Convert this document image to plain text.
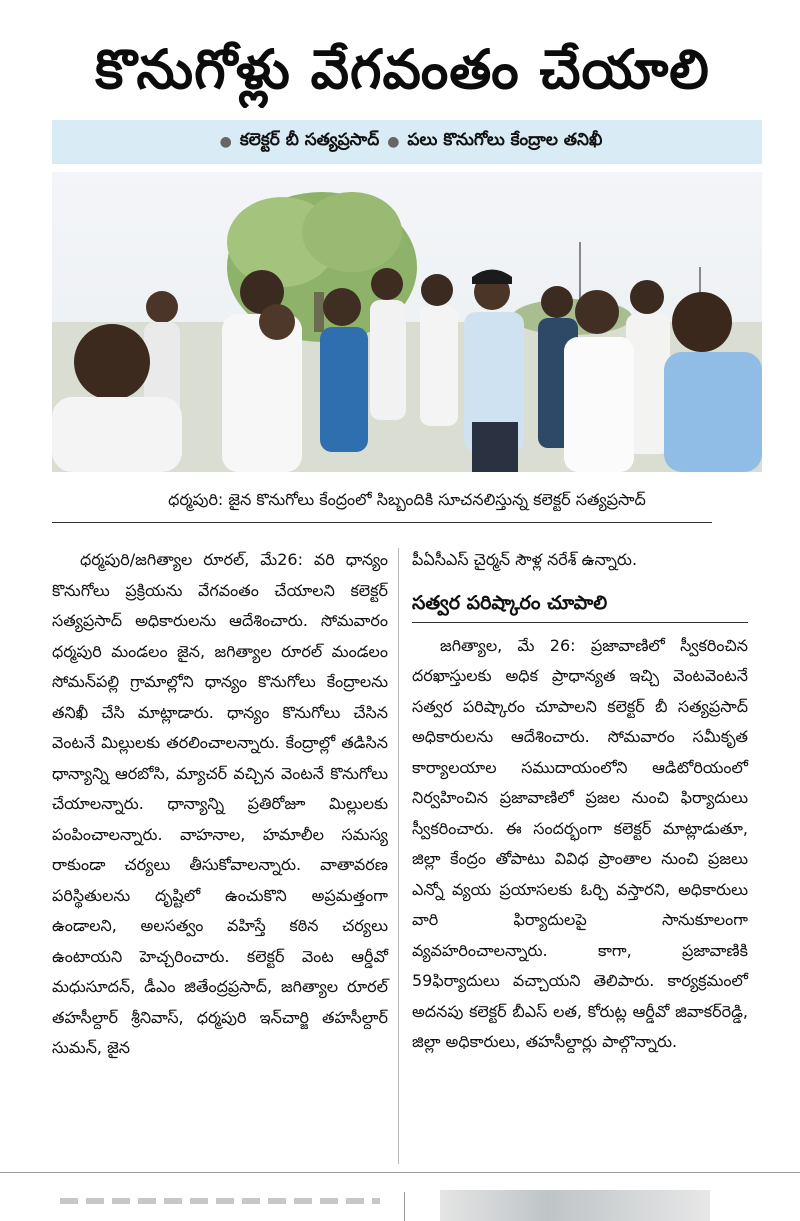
కొనుగోళ్లు వేగవంతం చేయాలి
● కలెక్టర్ బీ సత్యప్రసాద్ ● పలు కొనుగోలు కేంద్రాల తనిఖీ
ధర్మపురి: జైన కొనుగోలు కేంద్రంలో సిబ్బందికి సూచనలిస్తున్న కలెక్టర్ సత్యప్రసాద్

ధర్మపురి/జగిత్యాల రూరల్, మే26: వరి ధాన్యం కొనుగోలు ప్రక్రియను వేగవంతం చేయాలని కలెక్టర్ సత్యప్రసాద్ అధికారులను ఆదేశించారు. సోమవారం ధర్మపురి మండలం జైన, జగిత్యాల రూరల్ మండలం సోమన్‌పల్లి గ్రామాల్లోని ధాన్యం కొనుగోలు కేంద్రాలను తనిఖీ చేసి మాట్లాడారు. ధాన్యం కొనుగోలు చేసిన వెంటనే మిల్లులకు తరలించాలన్నారు. కేంద్రాల్లో తడిసిన ధాన్యాన్ని ఆరబోసి, మ్యాచర్ వచ్చిన వెంటనే కొనుగోలు చేయాలన్నారు. ధాన్యాన్ని ప్రతిరోజూ మిల్లులకు పంపించాలన్నారు. వాహనాల, హమాలీల సమస్య రాకుండా చర్యలు తీసుకోవాలన్నారు. వాతావరణ పరిస్థితులను దృష్టిలో ఉంచుకొని అప్రమత్తంగా ఉండాలని, అలసత్వం వహిస్తే కఠిన చర్యలు ఉంటాయని హెచ్చరించారు. కలెక్టర్ వెంట ఆర్డీవో మధుసూదన్, డీఎం జితేంద్రప్రసాద్, జగిత్యాల రూరల్ తహసీల్దార్ శ్రీనివాస్, ధర్మపురి ఇన్‌చార్జి తహసీల్దార్ సుమన్, జైన

పీఏసీఎస్ చైర్మన్ సౌళ్ల నరేశ్ ఉన్నారు.
సత్వర పరిష్కారం చూపాలి

జగిత్యాల, మే 26: ప్రజావాణిలో స్వీకరించిన దరఖాస్తులకు అధిక ప్రాధాన్యత ఇచ్చి వెంటవెంటనే సత్వర పరిష్కారం చూపాలని కలెక్టర్ బీ సత్యప్రసాద్ అధికారులను ఆదేశించారు. సోమవారం సమీకృత కార్యాలయాల సముదాయంలోని ఆడిటోరియంలో నిర్వహించిన ప్రజావాణిలో ప్రజల నుంచి ఫిర్యాదులు స్వీకరించారు. ఈ సందర్భంగా కలెక్టర్ మాట్లాడుతూ, జిల్లా కేంద్రం తోపాటు వివిధ ప్రాంతాల నుంచి ప్రజలు ఎన్నో వ్యయ ప్రయాసలకు ఓర్చి వస్తారని, అధికారులు వారి ఫిర్యాదులపై సానుకూలంగా వ్యవహరించాలన్నారు. కాగా, ప్రజావాణికి 59ఫిర్యాదులు వచ్చాయని తెలిపారు. కార్యక్రమంలో అదనపు కలెక్టర్ బీఎస్ లత, కోరుట్ల ఆర్డీవో జివాకర్‌రెడ్డి, జిల్లా అధికారులు, తహసీల్దార్లు పాల్గొన్నారు.
